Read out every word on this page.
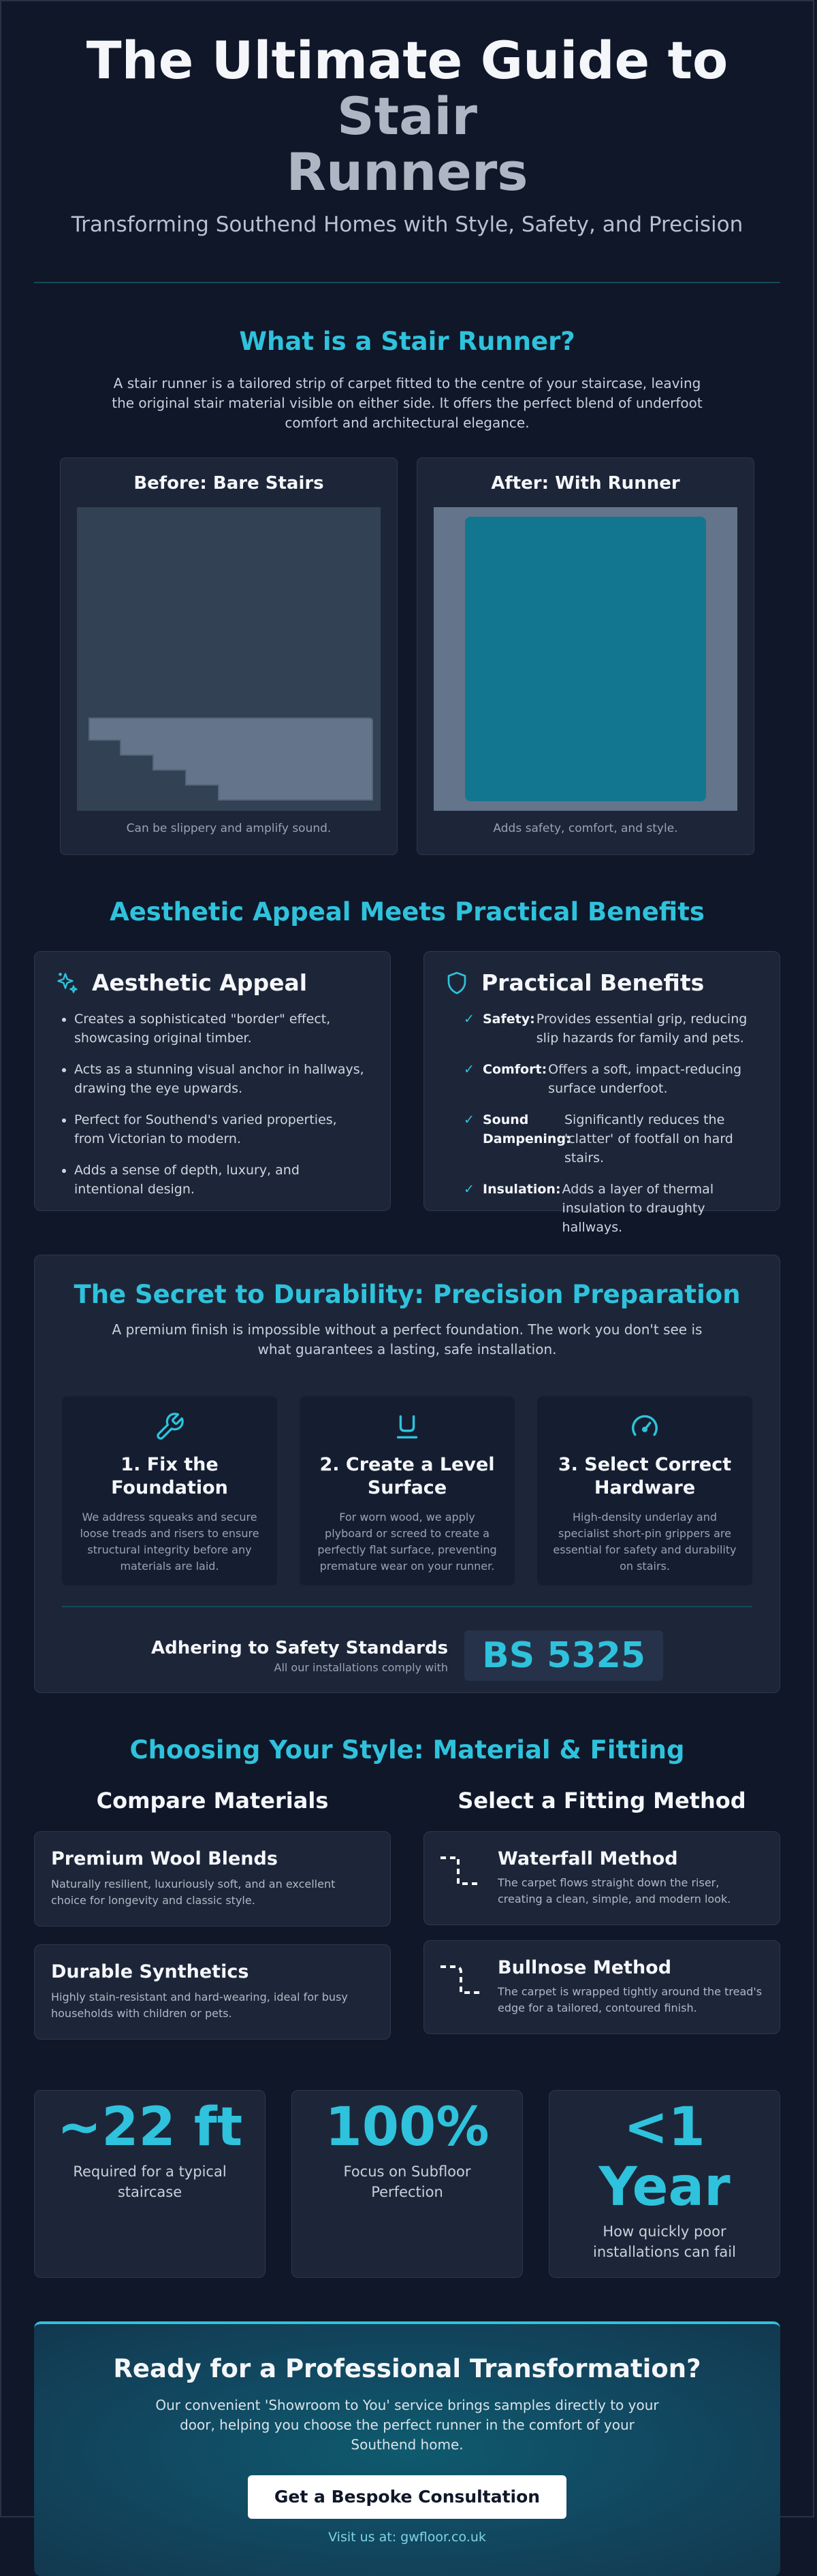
The Ultimate Guide to Stair
Runners
Transforming Southend Homes with Style, Safety, and Precision
What is a Stair Runner?
A stair runner is a tailored strip of carpet fitted to the centre of your staircase, leaving the original stair material visible on either side. It offers the perfect blend of underfoot comfort and architectural elegance.
Before: Bare Stairs
Can be slippery and amplify sound.
After: With Runner
Adds safety, comfort, and style.
Aesthetic Appeal Meets Practical Benefits
Aesthetic Appeal
• Creates a sophisticated "border" effect, showcasing original timber.
• Acts as a stunning visual anchor in hallways, drawing the eye upwards.
• Perfect for Southend's varied properties, from Victorian to modern.
• Adds a sense of depth, luxury, and intentional design.
Practical Benefits
✓ Safety: Provides essential grip, reducing slip hazards for family and pets.
✓ Comfort: Offers a soft, impact-reducing surface underfoot.
✓ Sound Dampening:
Significantly reduces the 'clatter' of footfall on hard stairs.
✓ Insulation: Adds a layer of thermal insulation to draughty hallways.
The Secret to Durability: Precision Preparation
A premium finish is impossible without a perfect foundation. The work you don't see is what guarantees a lasting, safe installation.
1. Fix the Foundation

We address squeaks and secure loose treads and risers to ensure structural integrity before any materials are laid.

2. Create a Level Surface

For worn wood, we apply plyboard or screed to create a perfectly flat surface, preventing premature wear on your runner.

3. Select Correct Hardware

High-density underlay and specialist short-pin grippers are essential for safety and durability on stairs.

Adhering to Safety Standards
All our installations comply with BS 5325
Choosing Your Style: Material & Fitting
Compare Materials
Premium Wool Blends

Naturally resilient, luxuriously soft, and an excellent choice for longevity and classic style.

Durable Synthetics

Highly stain-resistant and hard-wearing, ideal for busy households with children or pets.

Select a Fitting Method
Waterfall Method

The carpet flows straight down the riser, creating a clean, simple, and modern look.

Bullnose Method

The carpet is wrapped tightly around the tread's edge for a tailored, contoured finish.

~22 ft
Required for a typical staircase
100%
Focus on Subfloor Perfection
<1 Year
How quickly poor installations can fail
Ready for a Professional Transformation?

Our convenient 'Showroom to You' service brings samples directly to your door, helping you choose the perfect runner in the comfort of your Southend home.

Get a Bespoke Consultation
Visit us at: gwfloor.co.uk
